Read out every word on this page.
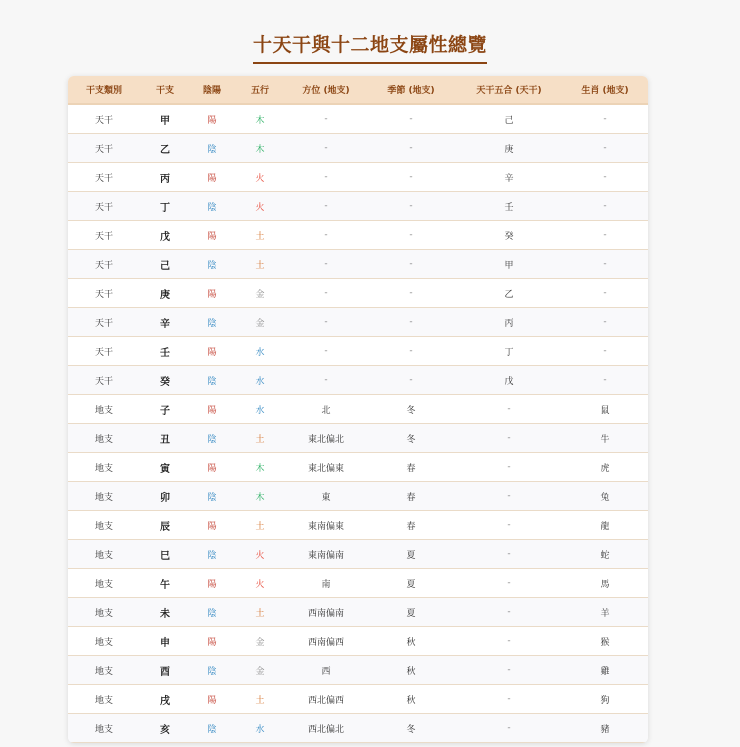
十天干與十二地支屬性總覽
干支類別	干支	陰陽	五行	方位 (地支)	季節 (地支)	天干五合 (天干)	生肖 (地支)
天干	甲	陽	木	-	-	己	-
天干	乙	陰	木	-	-	庚	-
天干	丙	陽	火	-	-	辛	-
天干	丁	陰	火	-	-	壬	-
天干	戊	陽	土	-	-	癸	-
天干	己	陰	土	-	-	甲	-
天干	庚	陽	金	-	-	乙	-
天干	辛	陰	金	-	-	丙	-
天干	壬	陽	水	-	-	丁	-
天干	癸	陰	水	-	-	戊	-
地支	子	陽	水	北	冬	-	鼠
地支	丑	陰	土	東北偏北	冬	-	牛
地支	寅	陽	木	東北偏東	春	-	虎
地支	卯	陰	木	東	春	-	兔
地支	辰	陽	土	東南偏東	春	-	龍
地支	巳	陰	火	東南偏南	夏	-	蛇
地支	午	陽	火	南	夏	-	馬
地支	未	陰	土	西南偏南	夏	-	羊
地支	申	陽	金	西南偏西	秋	-	猴
地支	酉	陰	金	西	秋	-	雞
地支	戌	陽	土	西北偏西	秋	-	狗
地支	亥	陰	水	西北偏北	冬	-	豬
